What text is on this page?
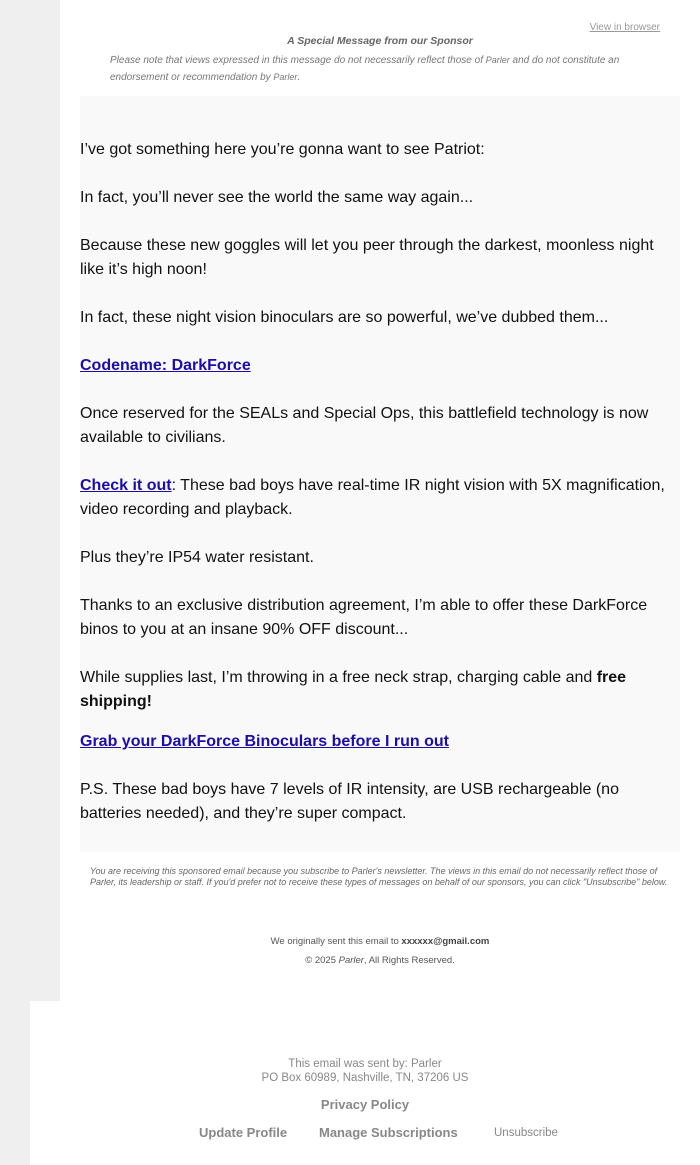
View in browser
A Special Message from our Sponsor
Please note that views expressed in this message do not necessarily reflect those of Parler and do not constitute an endorsement or recommendation by Parler.
I’ve got something here you’re gonna want to see Patriot:
In fact, you’ll never see the world the same way again...
Because these new goggles will let you peer through the darkest, moonless night like it’s high noon!
In fact, these night vision binoculars are so powerful, we’ve dubbed them...
Codename: DarkForce
Once reserved for the SEALs and Special Ops, this battlefield technology is now available to civilians.
Check it out: These bad boys have real-time IR night vision with 5X magnification, video recording and playback.
Plus they’re IP54 water resistant.
Thanks to an exclusive distribution agreement, I’m able to offer these DarkForce binos to you at an insane 90% OFF discount...
While supplies last, I’m throwing in a free neck strap, charging cable and free shipping!
Grab your DarkForce Binoculars before I run out
P.S. These bad boys have 7 levels of IR intensity, are USB rechargeable (no batteries needed), and they’re super compact.
You are receiving this sponsored email because you subscribe to Parler's newsletter. The views in this email do not necessarily reflect those of Parler, its leadership or staff. If you'd prefer not to receive these types of messages on behalf of our sponsors, you can click "Unsubscribe" below.
We originally sent this email to xxxxxx@gmail.com
© 2025 Parler, All Rights Reserved.
This email was sent by: Parler
PO Box 60989, Nashville, TN, 37206 US
Privacy Policy
Update Profile Manage Subscriptions	Unsubscribe
